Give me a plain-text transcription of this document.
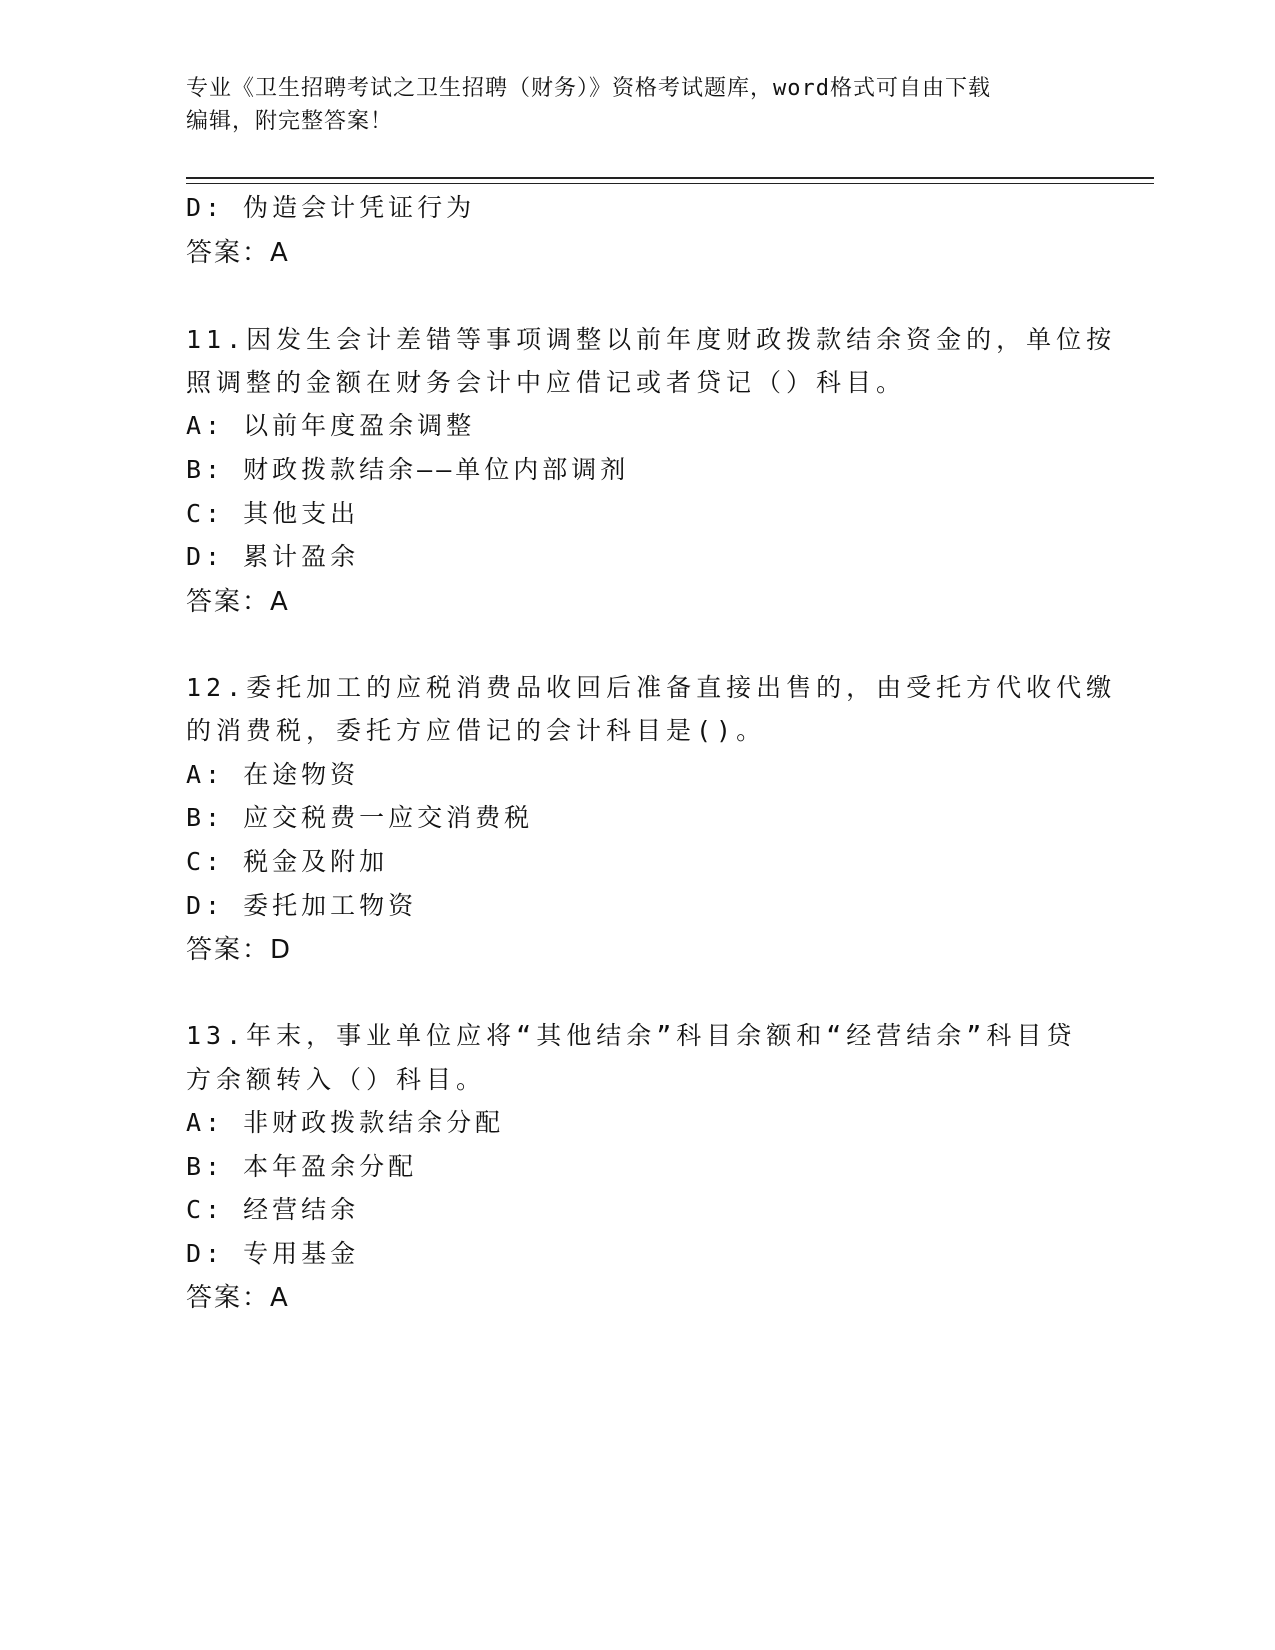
专业《卫生招聘考试之卫生招聘（财务）》资格考试题库，word格式可自由下载
编辑，附完整答案！
D: 伪造会计凭证行为
答案：A
11.因发生会计差错等事项调整以前年度财政拨款结余资金的，单位按
照调整的金额在财务会计中应借记或者贷记（）科目。
A: 以前年度盈余调整
B: 财政拨款结余——单位内部调剂
C: 其他支出
D: 累计盈余
答案：A
12.委托加工的应税消费品收回后准备直接出售的，由受托方代收代缴
的消费税，委托方应借记的会计科目是()。
A: 在途物资
B: 应交税费一应交消费税
C: 税金及附加
D: 委托加工物资
答案：D
13.年末，事业单位应将“其他结余”科目余额和“经营结余”科目贷
方余额转入（）科目。
A: 非财政拨款结余分配
B: 本年盈余分配
C: 经营结余
D: 专用基金
答案：A
